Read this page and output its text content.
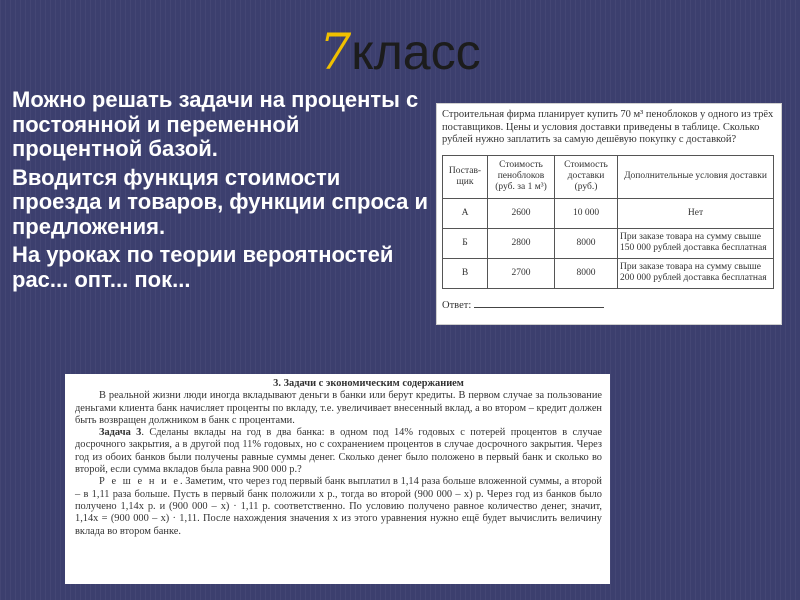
7класс

Можно решать задачи на проценты с постоянной и переменной процентной базой.

Вводится функция стоимости проезда и товаров, функции спроса и предложения.

На уроках по теории вероятностей рас... опт... пок...

Строительная фирма планирует купить 70 м³ пеноблоков у одного из трёх поставщиков. Цены и условия доставки приведены в таблице. Сколько рублей нужно заплатить за самую дешёвую покупку с доставкой?

Постав-щик	Стоимость пеноблоков (руб. за 1 м³)	Стоимость доставки (руб.)	Дополнительные условия доставки
А	2600	10 000	Нет
Б	2800	8000	При заказе товара на сумму свыше 150 000 рублей доставка бесплатная
В	2700	8000	При заказе товара на сумму свыше 200 000 рублей доставка бесплатная
Ответ:

3. Задачи с экономическим содержанием

В реальной жизни люди иногда вкладывают деньги в банки или берут кредиты. В первом случае за пользование деньгами клиента банк начисляет проценты по вкладу, т.е. увеличивает внесенный вклад, а во втором – кредит должен быть возвращен должником в банк с процентами.

Задача 3. Сделаны вклады на год в два банка: в одном под 14% годовых с потерей процентов в случае досрочного закрытия, а в другой под 11% годовых, но с сохранением процентов в случае досрочного закрытия. Через год из обоих банков были получены равные суммы денег. Сколько денег было положено в первый банк и сколько во второй, если сумма вкладов была равна 900 000 р.?

Р е ш е н и е. Заметим, что через год первый банк выплатил в 1,14 раза больше вложенной суммы, а второй – в 1,11 раза больше. Пусть в первый банк положили x р., тогда во второй (900 000 – x) р. Через год из банков было получено 1,14x р. и (900 000 – x) · 1,11 р. соответственно. По условию получено равное количество денег, значит, 1,14x = (900 000 – x) · 1,11. После нахождения значения x из этого уравнения нужно ещё будет вычислить величину вклада во втором банке.
